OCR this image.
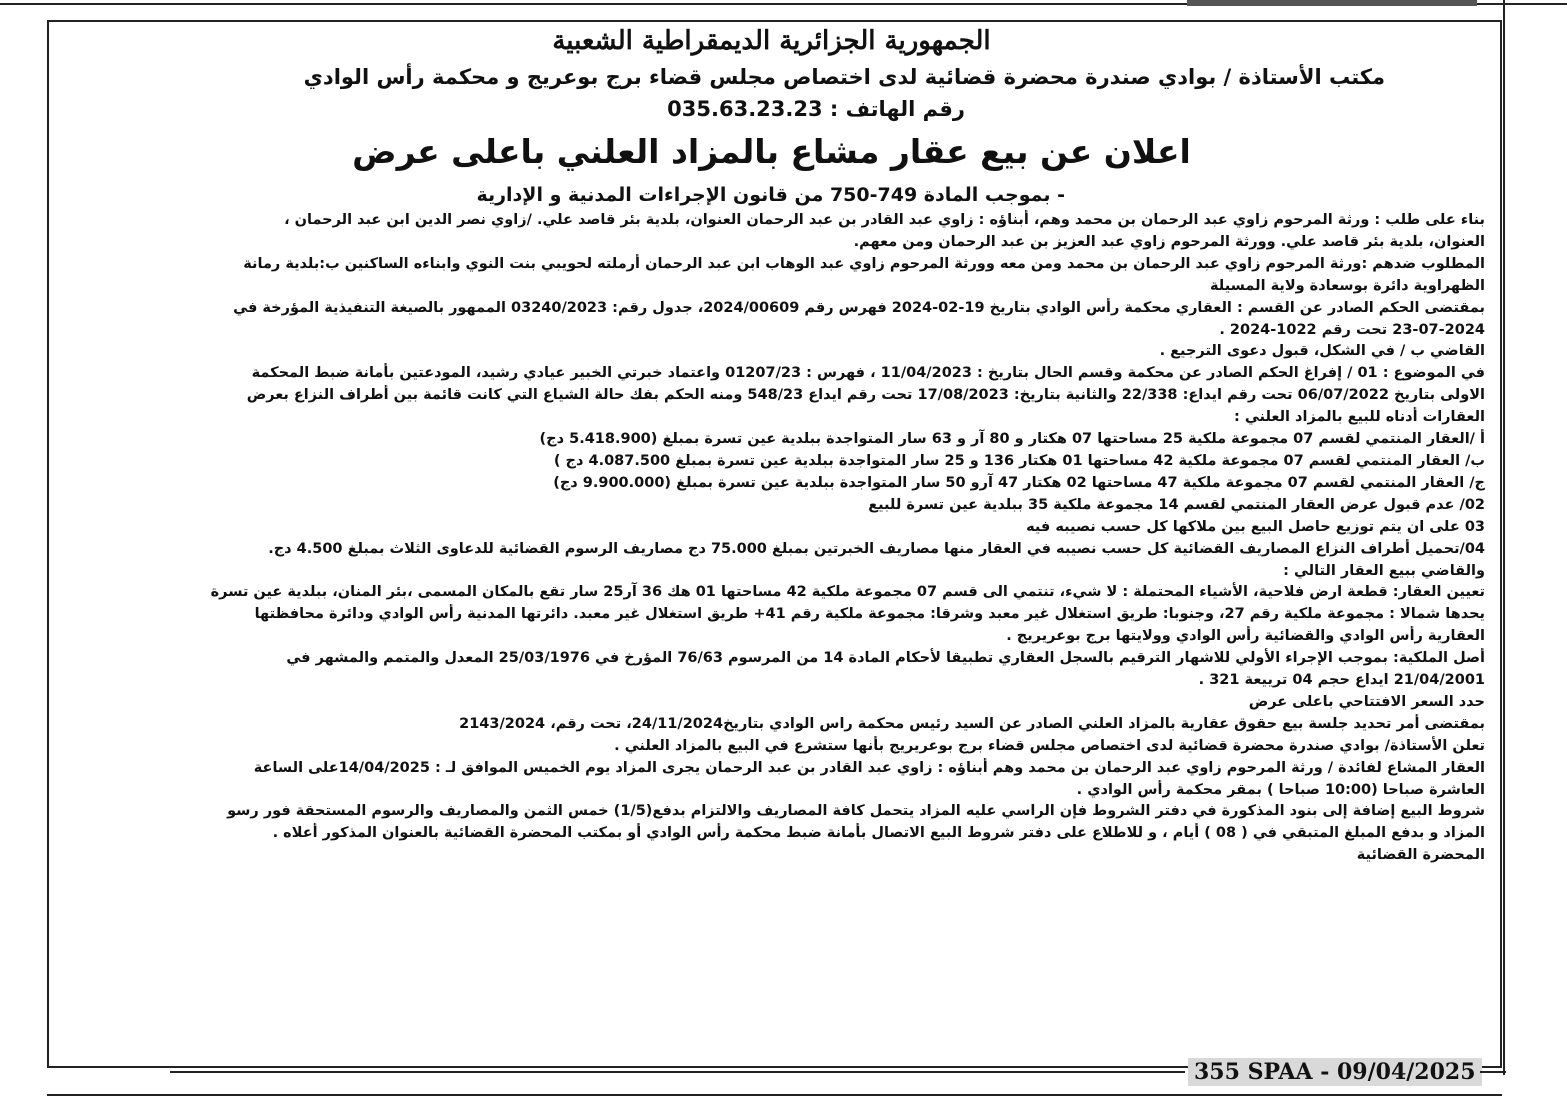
الجمهورية الجزائرية الديمقراطية الشعبية

مكتب الأستاذة / بوادي صندرة محضرة قضائية لدى اختصاص مجلس قضاء برج بوعريج و محكمة رأس الوادي

رقم الهاتف : 035.63.23.23

اعلان عن بيع عقار مشاع بالمزاد العلني باعلى عرض

- بموجب المادة 749-750 من قانون الإجراءات المدنية و الإدارية

بناء على طلب : ورثة المرحوم زاوي عبد الرحمان بن محمد وهم، أبناؤه : زاوي عبد القادر بن عبد الرحمان العنوان، بلدية بئر قاصد علي. /زاوي نصر الدين ابن عبد الرحمان ،
العنوان، بلدية بئر قاصد علي. وورثة المرحوم زاوي عبد العزيز بن عبد الرحمان ومن معهم.
المطلوب ضدهم :ورثة المرحوم زاوي عبد الرحمان بن محمد ومن معه وورثة المرحوم زاوي عبد الوهاب ابن عبد الرحمان أرملته لحويبي بنت النوي وابناءه الساكنين ب:بلدية رمانة
الظهراوية دائرة بوسعادة ولاية المسيلة
بمقتضى الحكم الصادر عن القسم : العقاري محكمة رأس الوادي بتاريخ 19-02-2024 فهرس رقم 2024/00609، جدول رقم: 03240/2023 الممهور بالصيغة التنفيذية المؤرخة في
23-07-2024 تحت رقم 1022-2024 .
القاضي ب / في الشكل، قبول دعوى الترجيع .
في الموضوع : 01 / إفراغ الحكم الصادر عن محكمة وقسم الحال بتاريخ : 11/04/2023 ، فهرس : 01207/23 واعتماد خبرتي الخبير عيادي رشيد، المودعتين بأمانة ضبط المحكمة
الاولى بتاريخ 06/07/2022 تحت رقم ايداع: 22/338 والثانية بتاريخ: 17/08/2023 تحت رقم ايداع 548/23 ومنه الحكم بفك حالة الشياع التي كانت قائمة بين أطراف النزاع بعرض
العقارات أدناه للبيع بالمزاد العلني :
أ /العقار المنتمي لقسم 07 مجموعة ملكية 25 مساحتها 07 هكتار و 80 آر و 63 سار المتواجدة ببلدية عين تسرة بمبلغ (5.418.900 دج)
ب/ العقار المنتمي لقسم 07 مجموعة ملكية 42 مساحتها 01 هكتار 136 و 25 سار المتواجدة ببلدية عين تسرة بمبلغ 4.087.500 دج )
ج/ العقار المنتمي لقسم 07 مجموعة ملكية 47 مساحتها 02 هكتار 47 آرو 50 سار المتواجدة ببلدية عين تسرة بمبلغ (9.900.000 دج)
02/ عدم قبول عرض العقار المنتمي لقسم 14 مجموعة ملكية 35 ببلدية عين تسرة للبيع
03 على ان يتم توزيع حاصل البيع بين ملاكها كل حسب نصيبه فيه
04/تحميل أطراف النزاع المصاريف القضائية كل حسب نصيبه في العقار منها مصاريف الخبرتين بمبلغ 75.000 دج مصاريف الرسوم القضائية للدعاوى الثلاث بمبلغ 4.500 دج.
والقاضي ببيع العقار التالي :
تعيين العقار: قطعة ارض فلاحية، الأشياء المحتملة : لا شيء، تنتمي الى قسم 07 مجموعة ملكية 42 مساحتها 01 هك 36 آر25 سار تقع بالمكان المسمى ،بئر المنان، ببلدية عين تسرة
يحدها شمالا : مجموعة ملكية رقم 27، وجنوبا: طريق استغلال غير معبد وشرقا: مجموعة ملكية رقم 41+ طريق استغلال غير معبد. دائرتها المدنية رأس الوادي ودائرة محافظتها
العقارية رأس الوادي والقضائية رأس الوادي وولايتها برج بوعريريج .
أصل الملكية: بموجب الإجراء الأولي للاشهار الترقيم بالسجل العقاري تطبيقا لأحكام المادة 14 من المرسوم 76/63 المؤرخ في 25/03/1976 المعدل والمتمم والمشهر في
21/04/2001 ايداع حجم 04 ترييعة 321 .
حدد السعر الافتتاحي باعلى عرض
بمقتضى أمر تحديد جلسة بيع حقوق عقارية بالمزاد العلني الصادر عن السيد رئيس محكمة راس الوادي بتاريخ24/11/2024، تحت رقم، 2143/2024
تعلن الأستاذة/ بوادي صندرة محضرة قضائية لدى اختصاص مجلس قضاء برج بوعريريج بأنها ستشرع في البيع بالمزاد العلني .
العقار المشاع لفائدة / ورثة المرحوم زاوي عبد الرحمان بن محمد وهم أبناؤه : زاوي عبد القادر بن عبد الرحمان يجرى المزاد يوم الخميس الموافق لـ : 14/04/2025على الساعة
العاشرة صباحا (10:00 صباحا ) بمقر محكمة رأس الوادي .
شروط البيع إضافة إلى بنود المذكورة في دفتر الشروط فإن الراسي عليه المزاد يتحمل كافة المصاريف والالتزام بدفع(1/5) خمس الثمن والمصاريف والرسوم المستحقة فور رسو
المزاد و بدفع المبلغ المتبقي في ( 08 ) أيام ، و للاطلاع على دفتر شروط البيع الاتصال بأمانة ضبط محكمة رأس الوادي أو بمكتب المحضرة القضائية بالعنوان المذكور أعلاه .
المحضرة القضائية
355 SPAA - 09/04/2025
